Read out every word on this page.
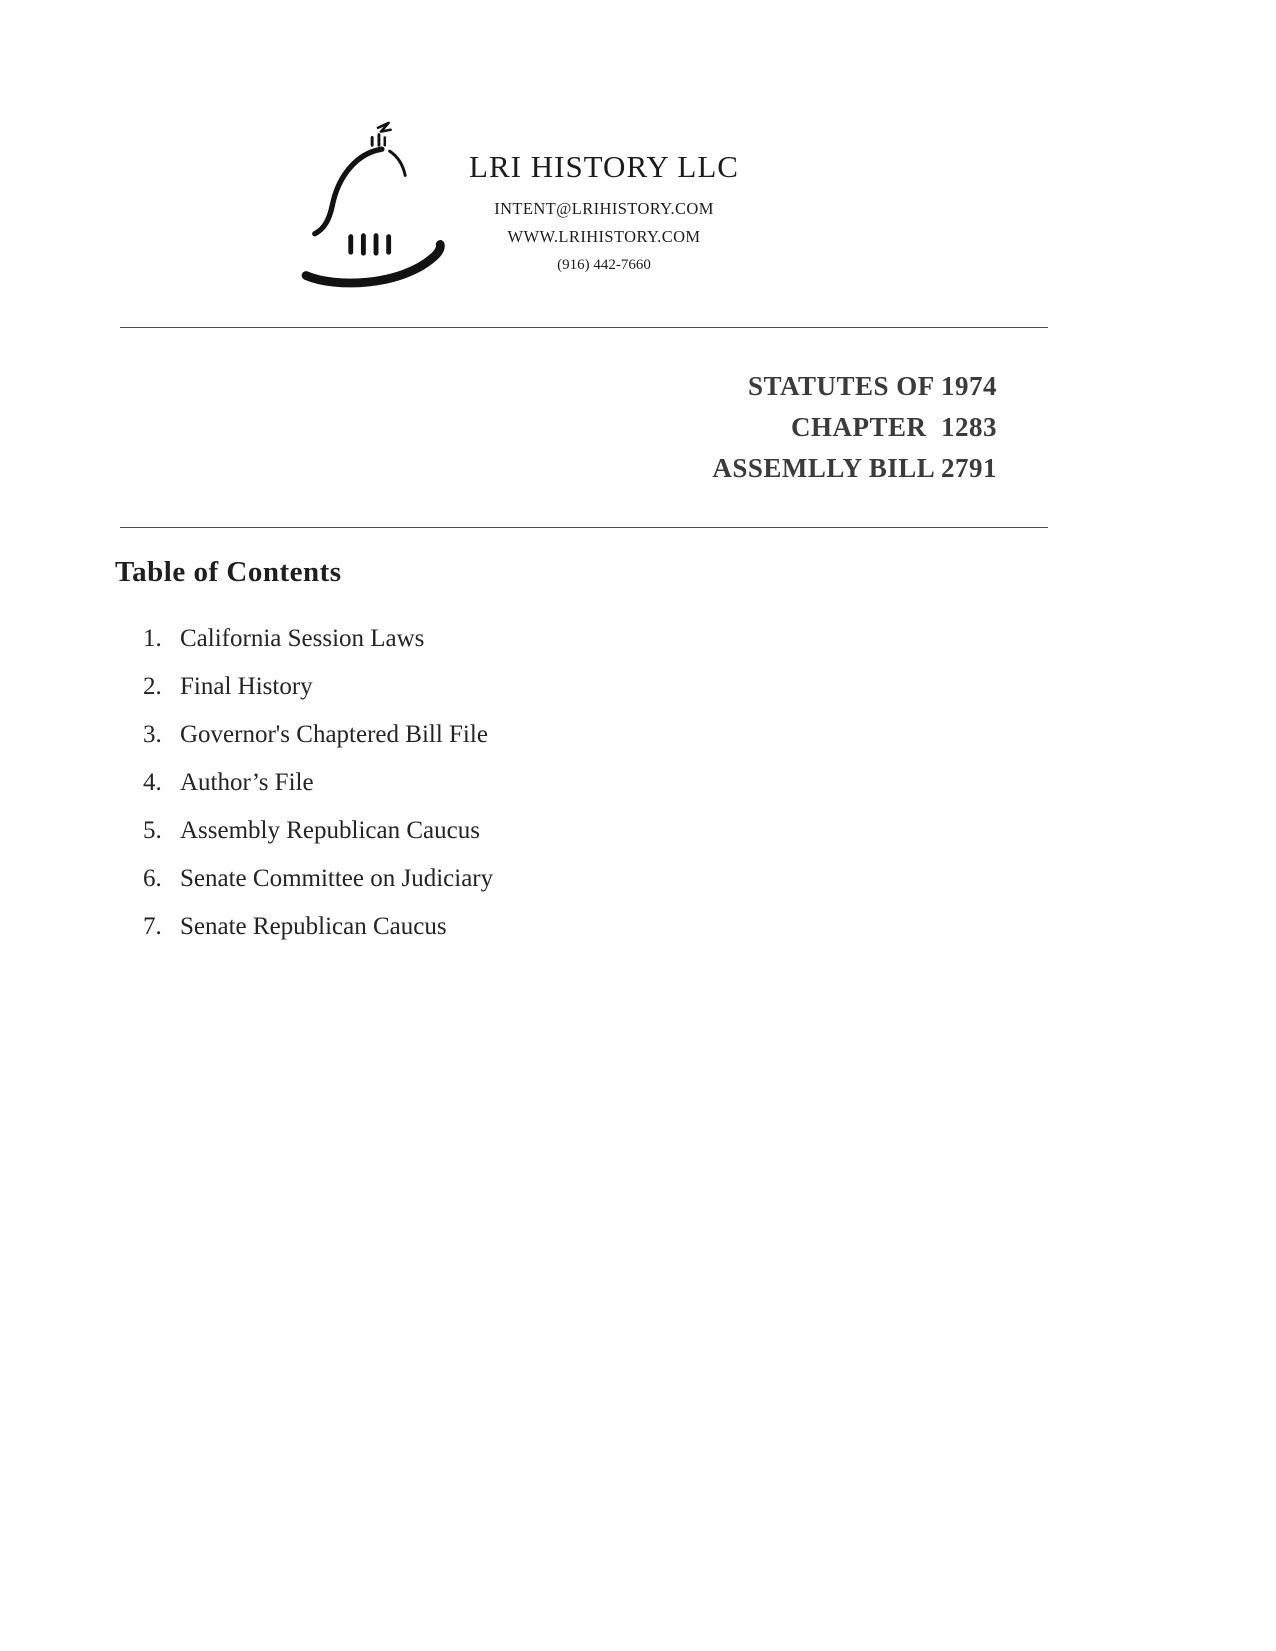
LRI HISTORY LLC
INTENT@LRIHISTORY.COM
WWW.LRIHISTORY.COM
(916) 442-7660
STATUTES OF 1974
CHAPTER  1283
ASSEMLLY BILL 2791
Table of Contents
1. California Session Laws
2. Final History
3. Governor's Chaptered Bill File
4. Author’s File
5. Assembly Republican Caucus
6. Senate Committee on Judiciary
7. Senate Republican Caucus
